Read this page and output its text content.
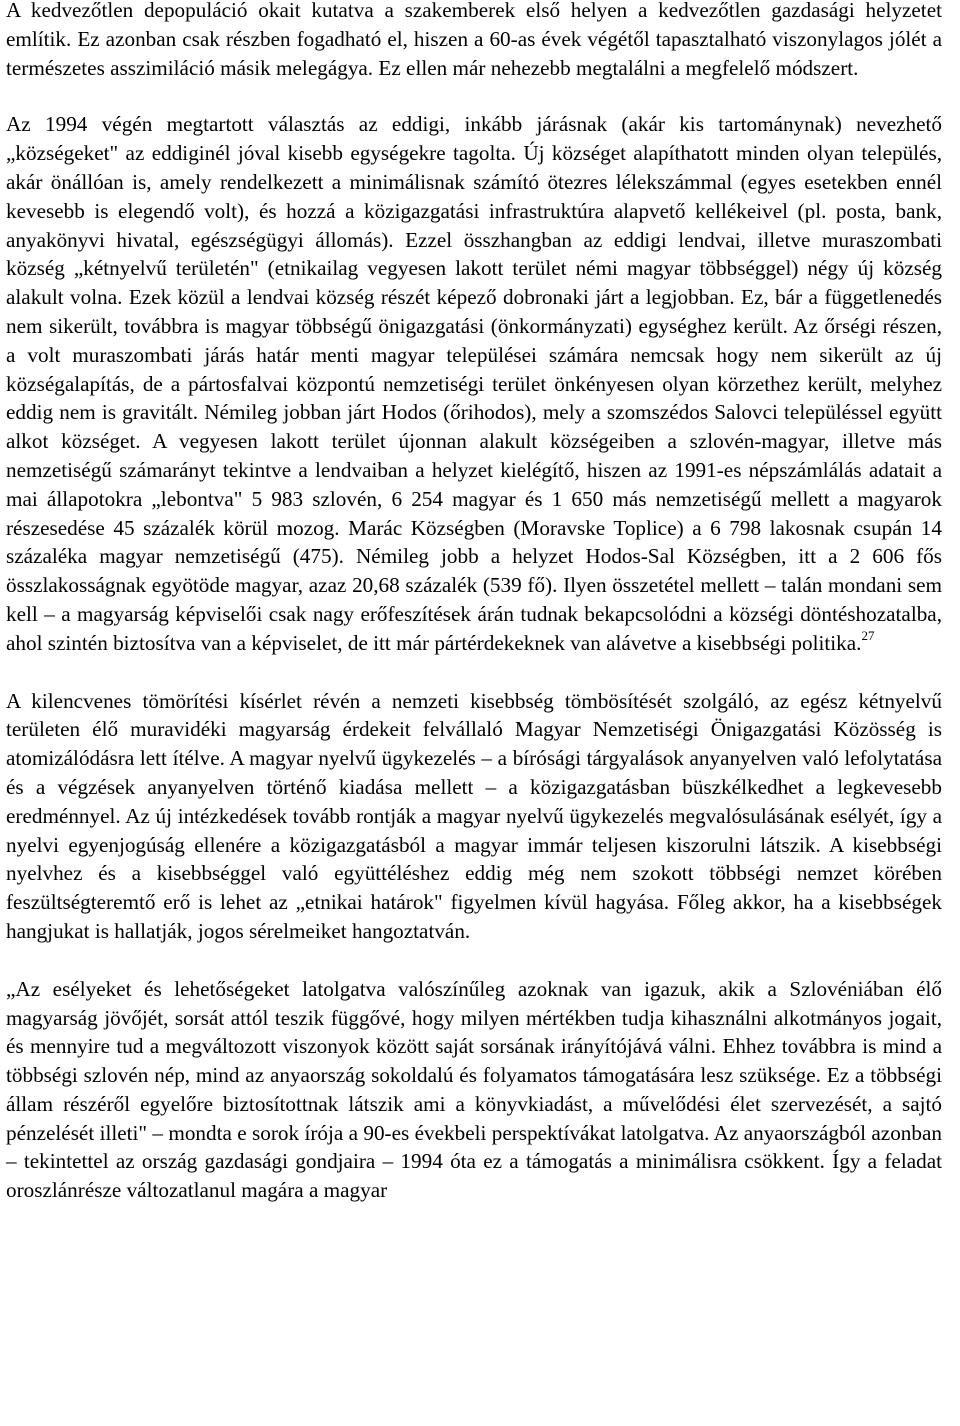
A kedvezőtlen depopuláció okait kutatva a szakemberek első helyen a kedvezőtlen gazdasági helyzetet említik. Ez azonban csak részben fogadható el, hiszen a 60-as évek végétől tapasztalható viszonylagos jólét a természetes asszimiláció másik melegágya. Ez ellen már nehezebb megtalálni a megfelelő módszert.

Az 1994 végén megtartott választás az eddigi, inkább járásnak (akár kis tartománynak) nevezhető „községeket" az eddiginél jóval kisebb egységekre tagolta. Új községet alapíthatott minden olyan település, akár önállóan is, amely rendelkezett a minimálisnak számító ötezres lélekszámmal (egyes esetekben ennél kevesebb is elegendő volt), és hozzá a közigazgatási infrastruktúra alapvető kellékeivel (pl. posta, bank, anyakönyvi hivatal, egészségügyi állomás). Ezzel összhangban az eddigi lendvai, illetve muraszombati község „kétnyelvű területén" (etnikailag vegyesen lakott terület némi magyar többséggel) négy új község alakult volna. Ezek közül a lendvai község részét képező dobronaki járt a legjobban. Ez, bár a függetlenedés nem sikerült, továbbra is magyar többségű önigazgatási (önkormányzati) egységhez került. Az őrségi részen, a volt muraszombati járás határ menti magyar települései számára nemcsak hogy nem sikerült az új községalapítás, de a pártosfalvai központú nemzetiségi terület önkényesen olyan körzethez került, melyhez eddig nem is gravitált. Némileg jobban járt Hodos (őrihodos), mely a szomszédos Salovci településsel együtt alkot községet. A vegyesen lakott terület újonnan alakult községeiben a szlovén-magyar, illetve más nemzetiségű számarányt tekintve a lendvaiban a helyzet kielégítő, hiszen az 1991-es népszámlálás adatait a mai állapotokra „lebontva" 5 983 szlovén, 6 254 magyar és 1 650 más nemzetiségű mellett a magyarok részesedése 45 százalék körül mozog. Marác Községben (Moravske Toplice) a 6 798 lakosnak csupán 14 százaléka magyar nemzetiségű (475). Némileg jobb a helyzet Hodos-Sal Községben, itt a 2 606 fős összlakosságnak egyötöde magyar, azaz 20,68 százalék (539 fő). Ilyen összetétel mellett – talán mondani sem kell – a magyarság képviselői csak nagy erőfeszítések árán tudnak bekapcsolódni a községi döntéshozatalba, ahol szintén biztosítva van a képviselet, de itt már pártérdekeknek van alávetve a kisebbségi politika.$^{27}$

A kilencvenes tömörítési kísérlet révén a nemzeti kisebbség tömbösítését szolgáló, az egész kétnyelvű területen élő muravidéki magyarság érdekeit felvállaló Magyar Nemzetiségi Önigazgatási Közösség is atomizálódásra lett ítélve. A magyar nyelvű ügykezelés – a bírósági tárgyalások anyanyelven való lefolytatása és a végzések anyanyelven történő kiadása mellett – a közigazgatásban büszkélkedhet a legkevesebb eredménnyel. Az új intézkedések tovább rontják a magyar nyelvű ügykezelés megvalósulásának esélyét, így a nyelvi egyenjogúság ellenére a közigazgatásból a magyar immár teljesen kiszorulni látszik. A kisebbségi nyelvhez és a kisebbséggel való együttéléshez eddig még nem szokott többségi nemzet körében feszültségteremtő erő is lehet az „etnikai határok" figyelmen kívül hagyása. Főleg akkor, ha a kisebbségek hangjukat is hallatják, jogos sérelmeiket hangoztatván.

„Az esélyeket és lehetőségeket latolgatva valószínűleg azoknak van igazuk, akik a Szlovéniában élő magyarság jövőjét, sorsát attól teszik függővé, hogy milyen mértékben tudja kihasználni alkotmányos jogait, és mennyire tud a megváltozott viszonyok között saját sorsának irányítójává válni. Ehhez továbbra is mind a többségi szlovén nép, mind az anyaország sokoldalú és folyamatos támogatására lesz szüksége. Ez a többségi állam részéről egyelőre biztosítottnak látszik ami a könyvkiadást, a művelődési élet szervezését, a sajtó pénzelését illeti" – mondta e sorok írója a 90-es évekbeli perspektívákat latolgatva. Az anyaországból azonban – tekintettel az ország gazdasági gondjaira – 1994 óta ez a támogatás a minimálisra csökkent. Így a feladat oroszlánrésze változatlanul magára a magyar
